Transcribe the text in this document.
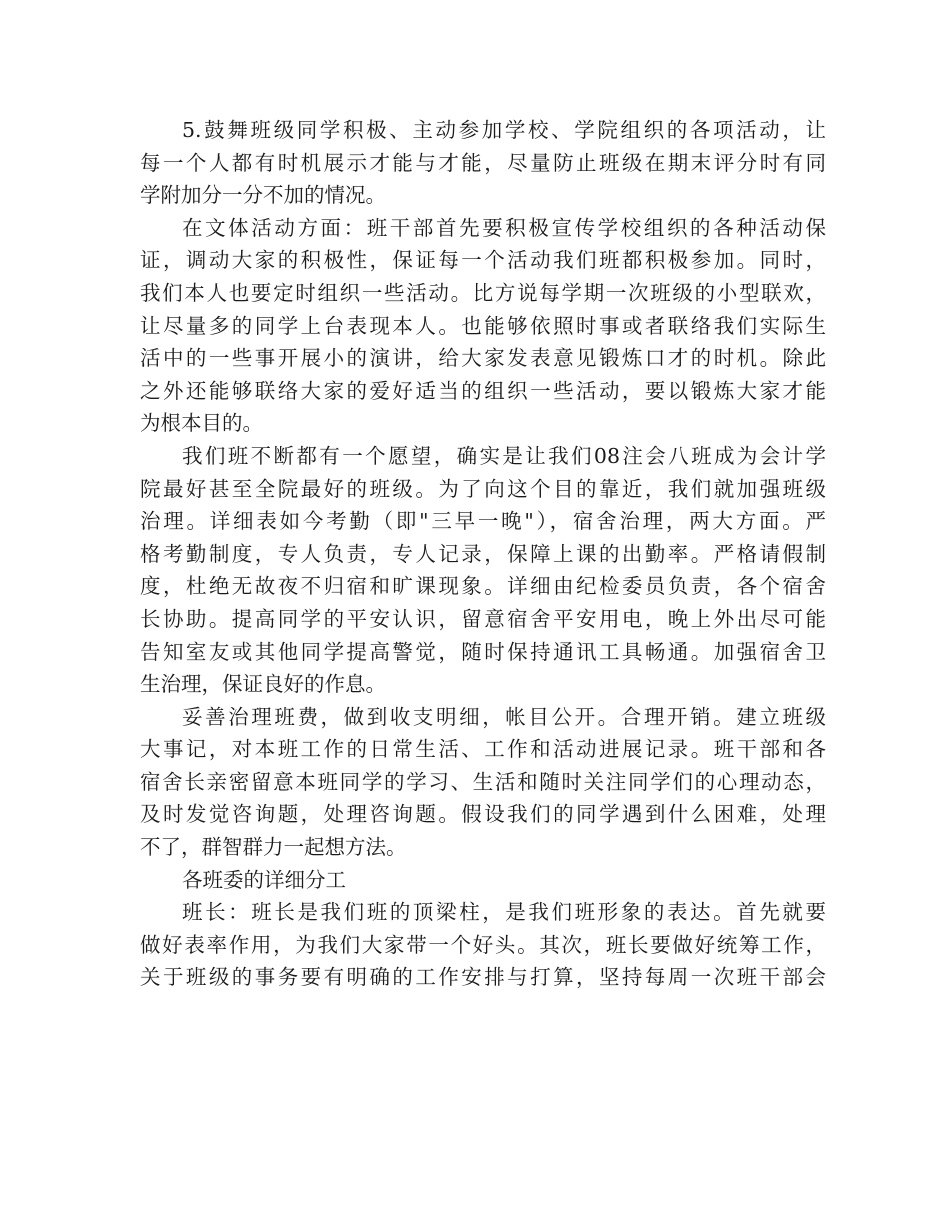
5.鼓舞班级同学积极、主动参加学校、学院组织的各项活动，让
每一个人都有时机展示才能与才能，尽量防止班级在期末评分时有同
学附加分一分不加的情况。
在文体活动方面：班干部首先要积极宣传学校组织的各种活动保
证，调动大家的积极性，保证每一个活动我们班都积极参加。同时，
我们本人也要定时组织一些活动。比方说每学期一次班级的小型联欢，
让尽量多的同学上台表现本人。也能够依照时事或者联络我们实际生
活中的一些事开展小的演讲，给大家发表意见锻炼口才的时机。除此
之外还能够联络大家的爱好适当的组织一些活动，要以锻炼大家才能
为根本目的。
我们班不断都有一个愿望，确实是让我们08注会八班成为会计学
院最好甚至全院最好的班级。为了向这个目的靠近，我们就加强班级
治理。详细表如今考勤（即"三早一晚"），宿舍治理，两大方面。严
格考勤制度，专人负责，专人记录，保障上课的出勤率。严格请假制
度，杜绝无故夜不归宿和旷课现象。详细由纪检委员负责，各个宿舍
长协助。提高同学的平安认识，留意宿舍平安用电，晚上外出尽可能
告知室友或其他同学提高警觉，随时保持通讯工具畅通。加强宿舍卫
生治理，保证良好的作息。
妥善治理班费，做到收支明细，帐目公开。合理开销。建立班级
大事记，对本班工作的日常生活、工作和活动进展记录。班干部和各
宿舍长亲密留意本班同学的学习、生活和随时关注同学们的心理动态，
及时发觉咨询题，处理咨询题。假设我们的同学遇到什么困难，处理
不了，群智群力一起想方法。
各班委的详细分工
班长：班长是我们班的顶梁柱，是我们班形象的表达。首先就要
做好表率作用，为我们大家带一个好头。其次，班长要做好统筹工作，
关于班级的事务要有明确的工作安排与打算，坚持每周一次班干部会
